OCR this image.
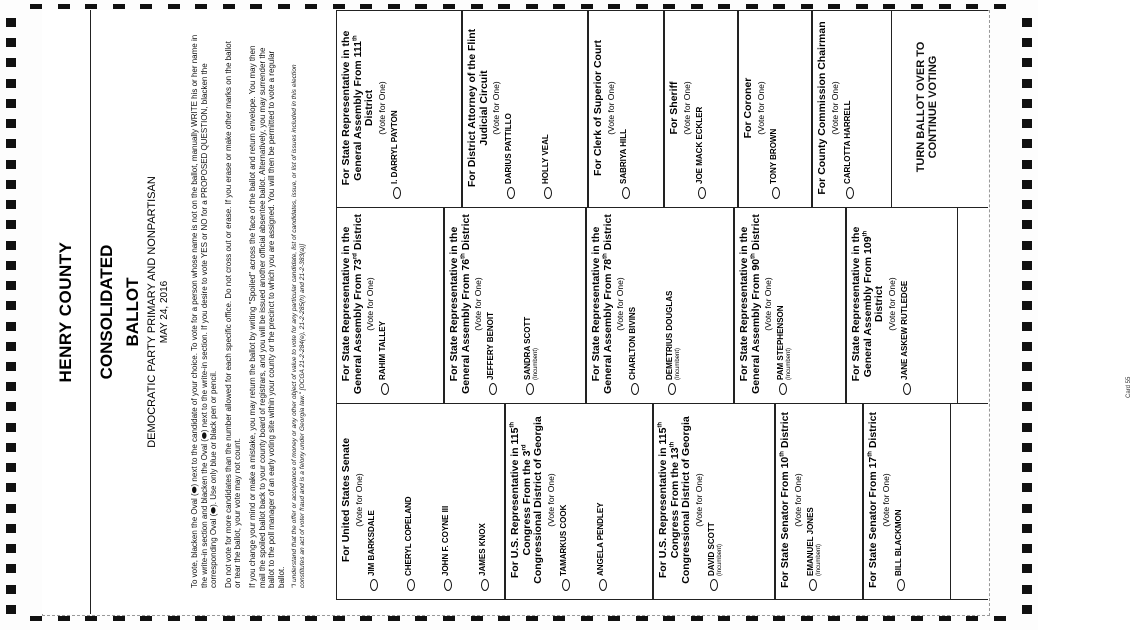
HENRY COUNTY CONSOLIDATED BALLOT DEMOCRATIC PARTY PRIMARY AND NONPARTISAN MAY 24, 2016	To vote, blacken the Oval (⬬) next to the candidate of your choice. To vote for a person whose name is not on the ballot, manually WRITE his or her name in the write-in section and blacken the Oval (⬬) next to the write-in section. If you desire to vote YES or NO for a PROPOSED QUESTION, blacken the corresponding Oval (⬬). Use only blue or black pen or pencil. Do not vote for more candidates than the number allowed for each specific office. Do not cross out or erase. If you erase or make other marks on the ballot or tear the ballot, your vote may not count. If you change your mind or make a mistake, you may return the ballot by writing "Spoiled" across the face of the ballot and return envelope. You may then mail the spoiled ballot back to your county board of registrars, and you will be issued another official absentee ballot. Alternatively, you may surrender the ballot to the poll manager of an early voting site within your county or the precinct to which you are assigned. You will then be permitted to vote a regular ballot. "I understand that the offer or acceptance of money or any other object of value to vote for any particular candidate, list of candidates, issue, or list of issues included in this election constitutes an act of voter fraud and is a felony under Georgia law." [OCGA 21-2-284(e), 21-2-285(h) and 21-2-383(a)]	For United States Senate (Vote for One)
JIM BARKSDALE	CHERYL COPELAND	JOHN F. COYNE III	JAMES KNOX For U.S. Representative in 115th Congress From the 3rd Congressional District of Georgia (Vote for One)
TAMARKUS COOK	ANGELA PENDLEY	For U.S. Representative in 115th Congress From the 13th Congressional District of Georgia (Vote for One)
DAVID SCOTT (Incumbent)	For State Senator From 10th District
(Vote for One)
EMANUEL JONES (Incumbent)	For State Senator From 17th District
(Vote for One)
BILL BLACKMON
For State Representative in the General Assembly From 73rd District
(Vote for One)
RAHIM TALLEY	For State Representative in the General Assembly From 76th District
(Vote for One)
JEFFERY BENOIT	SANDRA SCOTT (Incumbent)	For State Representative in the General Assembly From 78th District
(Vote for One)
CHARLTON BIVINS	DEMETRIUS DOUGLAS (Incumbent)	For State Representative in the General Assembly From 90th District
(Vote for One)
PAM STEPHENSON (Incumbent)	For State Representative in the General Assembly From 109th District (Vote for One) JANE ASKEW RUTLEDGE
Card 55
For State Representative in the General Assembly From 111th District (Vote for One)
I. DARRYL PAYTON	For District Attorney of the Flint Judicial Circuit (Vote for One)
DARIUS PATTILLO	HOLLY VEAL	For Clerk of Superior Court (Vote for One)
SABRIYA HILL
For Sheriff (Vote for One) JOE MACK ECKLER	For Coroner (Vote for One)
TONY BROWN	For County Commission Chairman (Vote for One) CARLOTTA HARRELL	TURN BALLOT OVER TO CONTINUE VOTING
